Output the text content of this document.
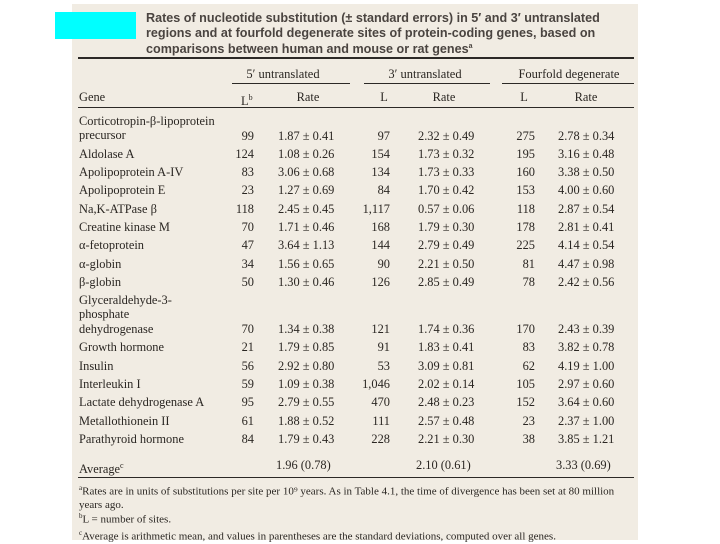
Rates of nucleotide substitution (± standard errors) in 5′ and 3′ untranslated regions and at fourfold degenerate sites of protein-coding genes, based on comparisons between human and mouse or rat genes$^a$
5′ untranslated	3′ untranslated	Fourfold degenerate
Gene	$L^b$	Rate	L	Rate	L	Rate
Corticotropin-β-lipoprotein precursor	99 1.87 ± 0.41	97 2.32 ± 0.49	275 2.78 ± 0.34
Aldolase A	124 1.08 ± 0.26	154 1.73 ± 0.32	195 3.16 ± 0.48
Apolipoprotein A-IV	83 3.06 ± 0.68	134 1.73 ± 0.33	160 3.38 ± 0.50
Apolipoprotein E	23 1.27 ± 0.69	84 1.70 ± 0.42	153 4.00 ± 0.60
Na,K-ATPase β	118 2.45 ± 0.45	1,117 0.57 ± 0.06	118 2.87 ± 0.54
Creatine kinase M	70 1.71 ± 0.46	168 1.79 ± 0.30	178 2.81 ± 0.41
α-fetoprotein	47 3.64 ± 1.13	144 2.79 ± 0.49	225 4.14 ± 0.54
α-globin	34 1.56 ± 0.65	90 2.21 ± 0.50	81 4.47 ± 0.98
β-globin	50 1.30 ± 0.46	126 2.85 ± 0.49	78 2.42 ± 0.56
Glyceraldehyde-3-phosphate dehydrogenase	70 1.34 ± 0.38	121 1.74 ± 0.36	170 2.43 ± 0.39
Growth hormone	21 1.79 ± 0.85	91 1.83 ± 0.41	83 3.82 ± 0.78
Insulin	56 2.92 ± 0.80	53 3.09 ± 0.81	62 4.19 ± 1.00
Interleukin I	59 1.09 ± 0.38	1,046 2.02 ± 0.14	105 2.97 ± 0.60
Lactate dehydrogenase A	95 2.79 ± 0.55	470 2.48 ± 0.23	152 3.64 ± 0.60
Metallothionein II	61 1.88 ± 0.52	111 2.57 ± 0.48	23 2.37 ± 1.00
Parathyroid hormone	84 1.79 ± 0.43	228 2.21 ± 0.30	38 3.85 ± 1.21
Average$^c$	1.96 (0.78)	2.10 (0.61)	3.33 (0.69)
$^a$Rates are in units of substitutions per site per 10⁹ years. As in Table 4.1, the time of divergence has been set at 80 million years ago.
$^b$L = number of sites.
$^c$Average is arithmetic mean, and values in parentheses are the standard deviations, computed over all genes.
